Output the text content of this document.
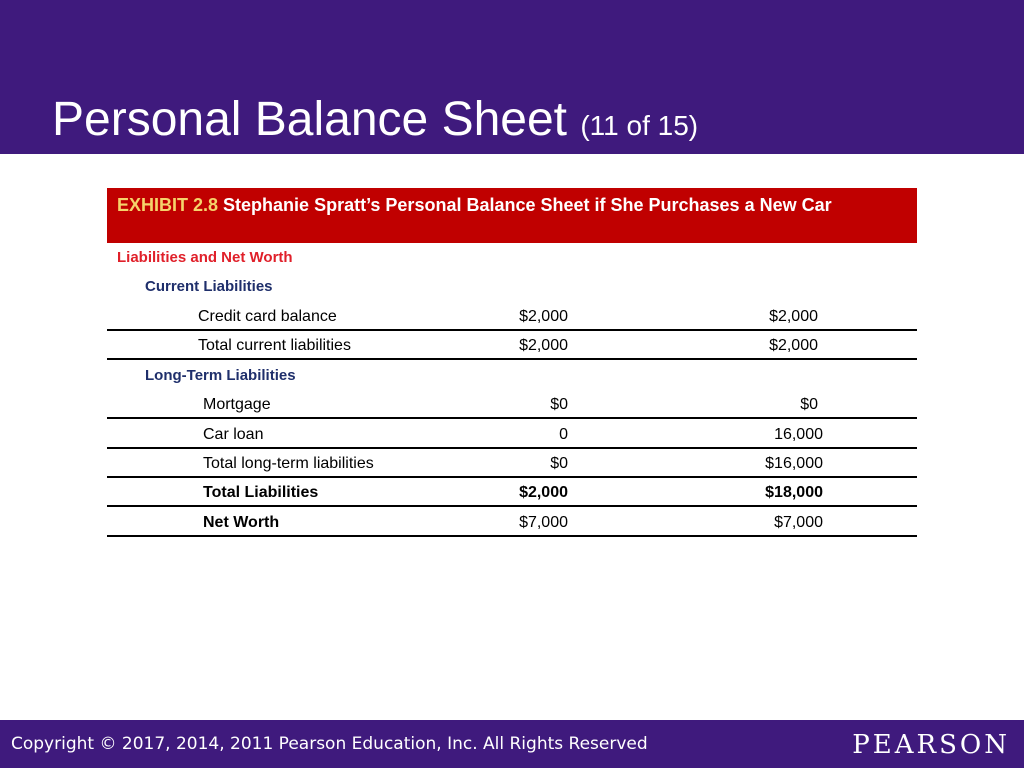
Personal Balance Sheet (11 of 15)
EXHIBIT 2.8 Stephanie Spratt’s Personal Balance Sheet if She Purchases a New Car
Liabilities and Net Worth
Current Liabilities
Credit card balance	$2,000	$2,000
Total current liabilities	$2,000	$2,000
Long-Term Liabilities
Mortgage	$0	$0
Car loan	0	16,000
Total long-term liabilities	$0	$16,000
Total Liabilities	$2,000	$18,000
Net Worth	$7,000	$7,000
Copyright © 2017, 2014, 2011 Pearson Education, Inc. All Rights Reserved	PEARSON
